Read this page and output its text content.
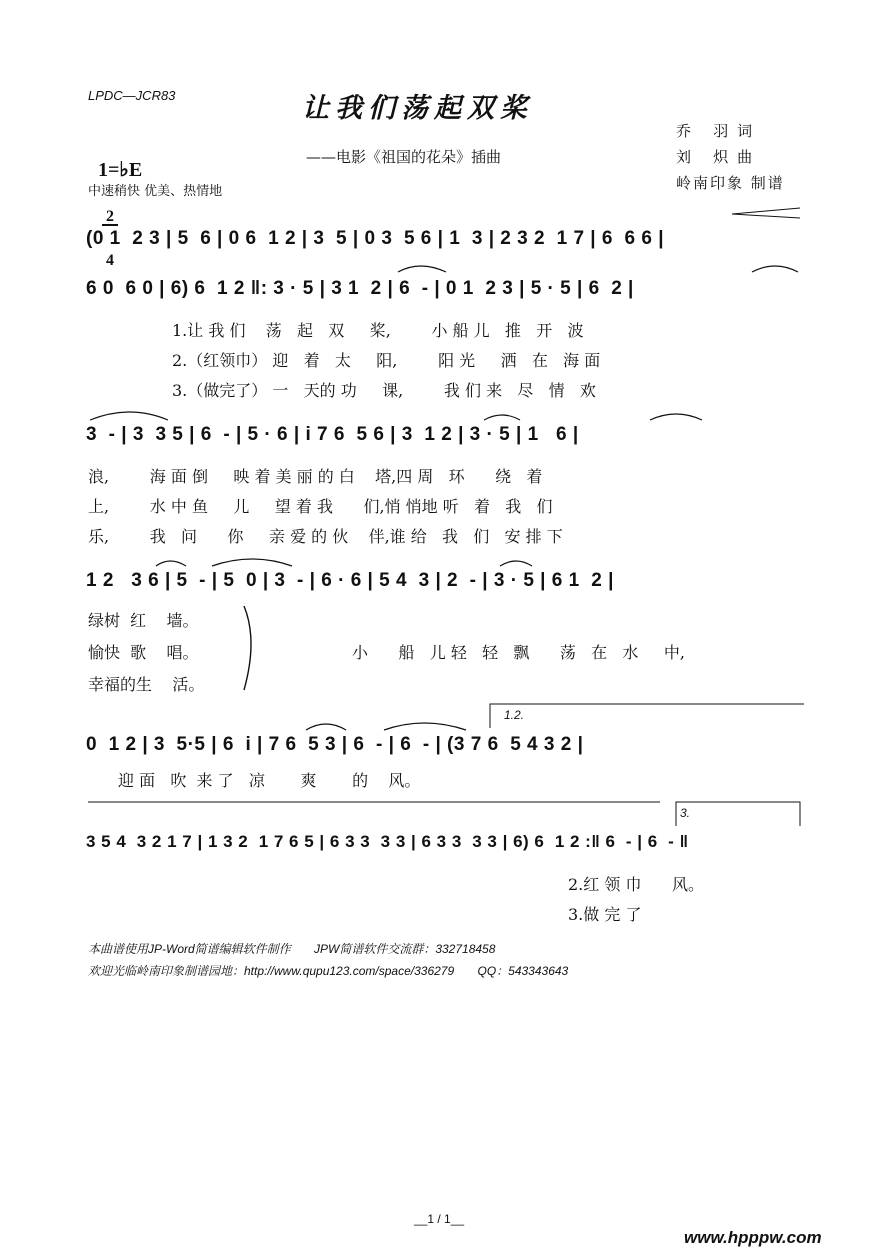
LPDC—JCR83	让我们荡起双桨
——电影《祖国的花朵》插曲

1=♭E

$\frac{2}{4}$

中速稍快 优美、热情地
乔   羽 词
刘   炽 曲
岭南印象 制谱
(0 1  2 3 | 5  6 | 0 6  1 2 | 3  5 | 0 3  5 6 | 1  3 | 2 3 2  1 7 | 6  6 6 |
6 0  6 0 | 6) 6  1 2 ‖: 3 · 5 | 3 1  2 | 6  - | 0 1  2 3 | 5 · 5 | 6  2 |
1.让 我 们    荡   起   双     桨,        小 船 儿   推   开   波
2.（红领巾） 迎   着   太     阳,        阳 光     洒   在   海 面
3.（做完了） 一   天的 功     课,        我 们 来   尽   情   欢
3  - | 3  3 5 | 6  - | 5 · 6 | i 7 6  5 6 | 3  1 2 | 3 · 5 | 1   6 |
浪,        海 面 倒     映 着 美 丽 的 白    塔,四 周   环      绕   着
上,        水 中 鱼     儿     望 着 我      们,悄 悄地 听   着   我   们
乐,        我   问      你     亲 爱 的 伙    伴,谁 给   我   们   安 排 下
1 2   3 6 | 5  - | 5  0 | 3  - | 6 · 6 | 5 4  3 | 2  - | 3 · 5 | 6 1  2 |
绿树  红    墙。
愉快  歌    唱。
幸福的生    活。
小      船   儿 轻   轻   飘      荡   在   水     中,
1.2.
0  1 2 | 3  5·5 | 6  i | 7 6  5 3 | 6  - | 6  - | (3 7 6  5 4 3 2 |
迎 面   吹  来 了   凉       爽       的    风。
3.
3 5 4  3 2 1 7 | 1 3 2  1 7 6 5 | 6 3 3  3 3 | 6 3 3  3 3 | 6) 6  1 2 :‖ 6  - | 6  - ‖
2.红 领 巾      风。
3.做 完 了
本曲谱使用JP-Word简谱编辑软件制作       JPW简谱软件交流群：332718458
欢迎光临岭南印象制谱园地：http://www.qupu123.com/space/336279       QQ：543343643
__1 / 1__
www.hpppw.com
